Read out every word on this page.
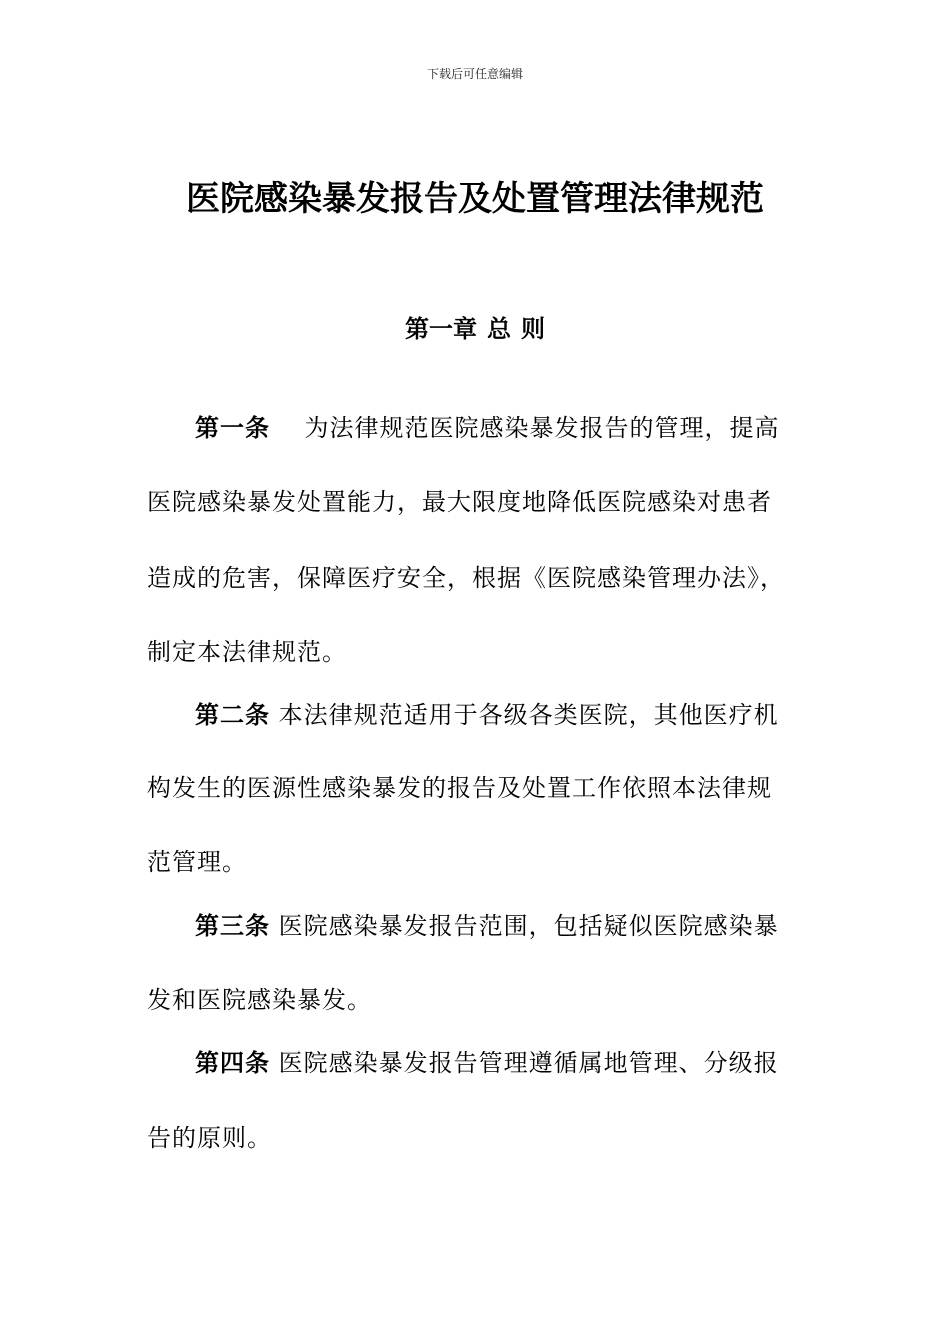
下载后可任意编辑
医院感染暴发报告及处置管理法律规范
第一章 总 则
第一条 为法律规范医院感染暴发报告的管理，提高
医院感染暴发处置能力，最大限度地降低医院感染对患者
造成的危害，保障医疗安全，根据《医院感染管理办法》，
制定本法律规范。
第二条 本法律规范适用于各级各类医院，其他医疗机
构发生的医源性感染暴发的报告及处置工作依照本法律规
范管理。
第三条 医院感染暴发报告范围，包括疑似医院感染暴
发和医院感染暴发。
第四条 医院感染暴发报告管理遵循属地管理、分级报
告的原则。
